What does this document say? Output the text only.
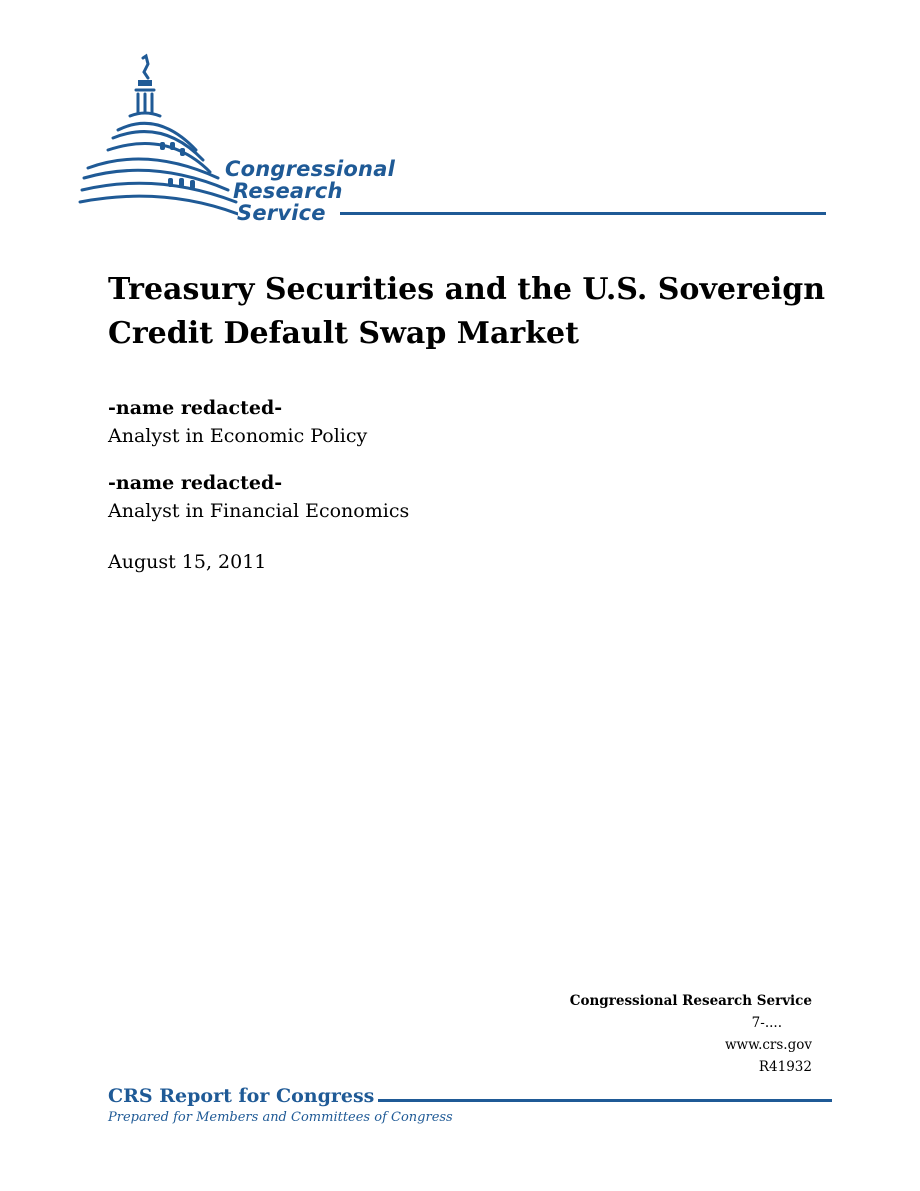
Congressional
Research
Service
Treasury Securities and the U.S. Sovereign
Credit Default Swap Market
-name redacted-
Analyst in Economic Policy
-name redacted-
Analyst in Financial Economics
August 15, 2011
Congressional Research Service
7-....
www.crs.gov
R41932
CRS Report for Congress
Prepared for Members and Committees of Congress
